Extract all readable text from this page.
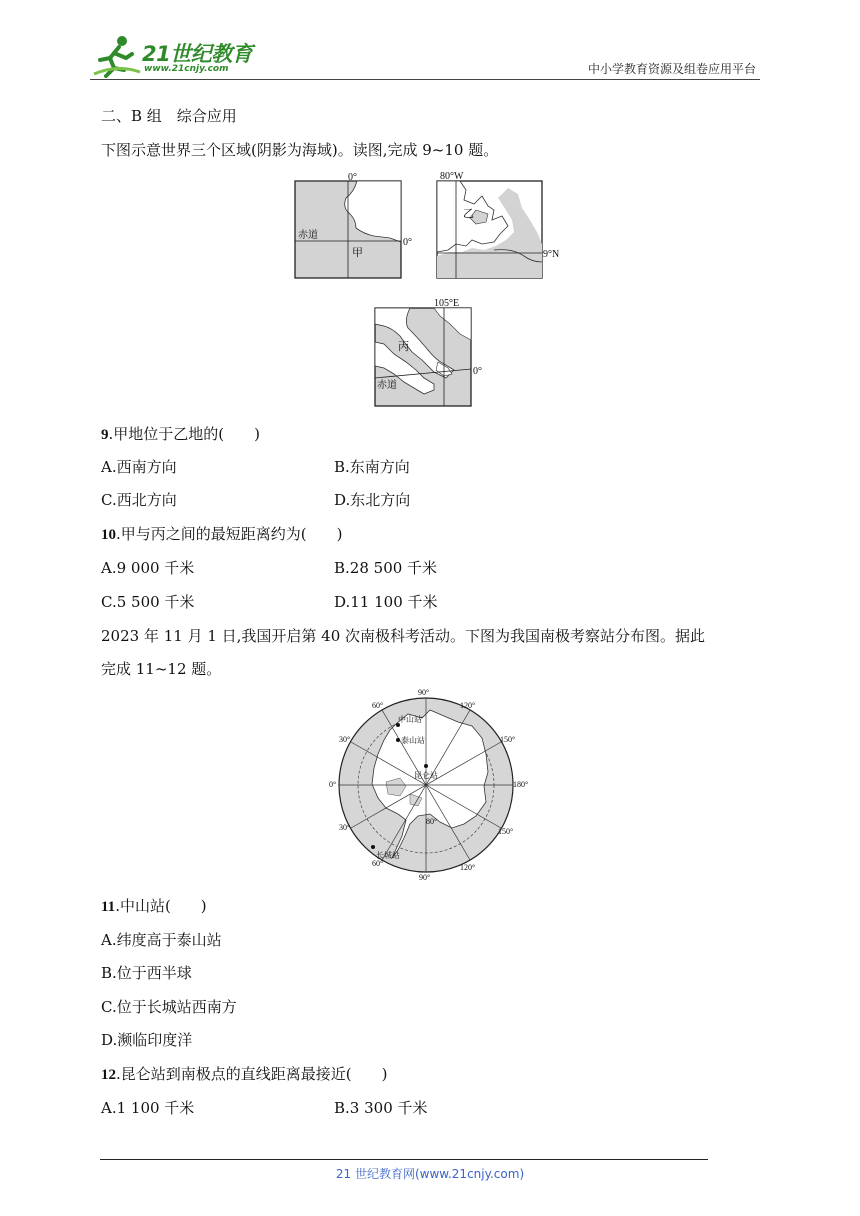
21世纪教育
www.21cnjy.com	中小学教育资源及组卷应用平台
二、B 组　综合应用
下图示意世界三个区域(阴影为海域)。读图,完成 9~10 题。
0°
赤道
0°
甲
80°W
乙
9°N
105°E
丙
赤道
0°
9.甲地位于乙地的(　　)
A.西南方向	B.东南方向
C.西北方向	D.东北方向
10.甲与丙之间的最短距离约为(　　)
A.9 000 千米	B.28 500 千米
C.5 500 千米	D.11 100 千米
2023 年 11 月 1 日,我国开启第 40 次南极科考活动。下图为我国南极考察站分布图。据此
完成 11~12 题。
90°
60°	120°
30°	150°
0°	180°
30°	150°
60°
90°
120°
80°
中山站
泰山站
昆仑站
长城站
11.中山站(　　)
A.纬度高于泰山站
B.位于西半球
C.位于长城站西南方
D.濒临印度洋
12.昆仑站到南极点的直线距离最接近(　　)
A.1 100 千米	B.3 300 千米
21 世纪教育网(www.21cnjy.com)
